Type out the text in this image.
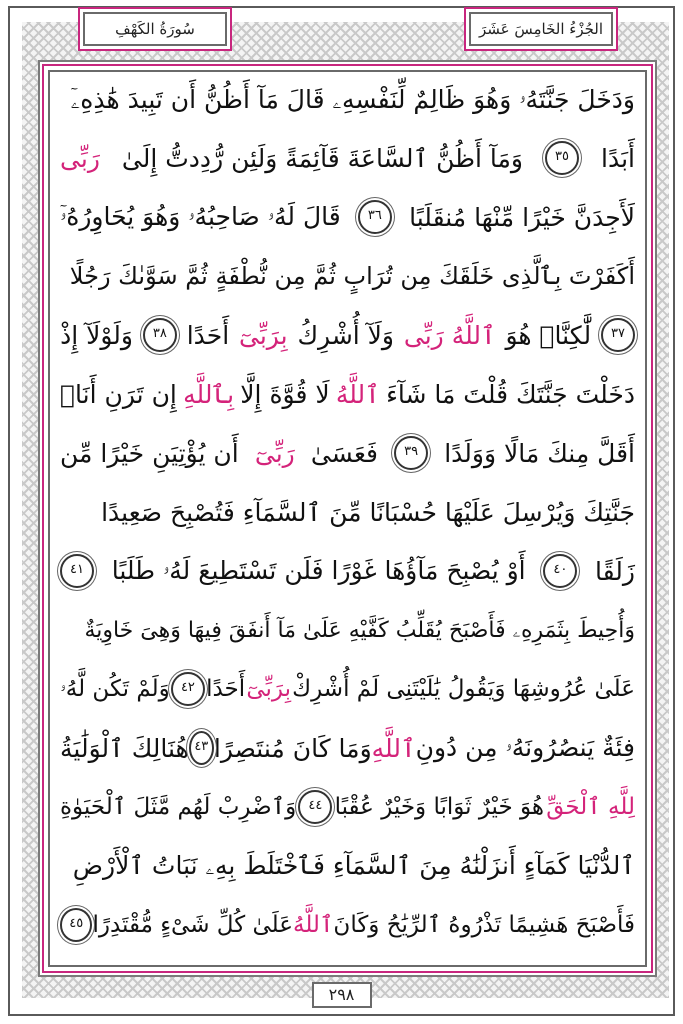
سُورَةُ الكَهْفِ	الجُزْءُ الخَامِسَ عَشَرَ
وَدَخَلَ جَنَّتَهُۥ وَهُوَ ظَالِمٌ لِّنَفْسِهِۦ قَالَ مَآ أَظُنُّ أَن تَبِيدَ هَٰذِهِۦٓ
أَبَدًا
٣٥
وَمَآ أَظُنُّ ٱلسَّاعَةَ قَآئِمَةً وَلَئِن رُّدِدتُّ إِلَىٰ
رَبِّى
لَأَجِدَنَّ خَيْرًا مِّنْهَا مُنقَلَبًا
٣٦
قَالَ لَهُۥ صَاحِبُهُۥ وَهُوَ يُحَاوِرُهُۥٓ
أَكَفَرْتَ بِٱلَّذِى خَلَقَكَ مِن تُرَابٍ ثُمَّ مِن نُّطْفَةٍ ثُمَّ سَوَّىٰكَ رَجُلًا
٣٧
لَّٰكِنَّا۠ هُوَ
ٱللَّهُ رَبِّى
وَلَآ أُشْرِكُ
بِرَبِّىٓ
أَحَدًا
٣٨
وَلَوْلَآ إِذْ
دَخَلْتَ جَنَّتَكَ قُلْتَ مَا شَآءَ
ٱللَّهُ
لَا قُوَّةَ إِلَّا
بِٱللَّهِ
إِن تَرَنِ أَنَا۠
أَقَلَّ مِنكَ مَالًا وَوَلَدًا
٣٩
فَعَسَىٰ
رَبِّىٓ
أَن يُؤْتِيَنِ خَيْرًا مِّن
جَنَّتِكَ وَيُرْسِلَ عَلَيْهَا حُسْبَانًا مِّنَ ٱلسَّمَآءِ فَتُصْبِحَ صَعِيدًا
زَلَقًا
٤٠
أَوْ يُصْبِحَ مَآؤُهَا غَوْرًا فَلَن تَسْتَطِيعَ لَهُۥ طَلَبًا
٤١
وَأُحِيطَ بِثَمَرِهِۦ فَأَصْبَحَ يُقَلِّبُ كَفَّيْهِ عَلَىٰ مَآ أَنفَقَ فِيهَا وَهِىَ خَاوِيَةٌ
عَلَىٰ عُرُوشِهَا وَيَقُولُ يَٰلَيْتَنِى لَمْ أُشْرِكْ
بِرَبِّىٓ
أَحَدًا
٤٢
وَلَمْ تَكُن لَّهُۥ
فِئَةٌ يَنصُرُونَهُۥ مِن دُونِ
ٱللَّهِ
وَمَا كَانَ مُنتَصِرًا
٤٣
هُنَالِكَ ٱلْوَلَٰيَةُ
لِلَّهِ ٱلْحَقِّ
هُوَ خَيْرٌ ثَوَابًا وَخَيْرٌ عُقْبًا
٤٤
وَٱضْرِبْ لَهُم مَّثَلَ ٱلْحَيَوٰةِ
ٱلدُّنْيَا كَمَآءٍ أَنزَلْنَٰهُ مِنَ ٱلسَّمَآءِ فَٱخْتَلَطَ بِهِۦ نَبَاتُ ٱلْأَرْضِ
فَأَصْبَحَ هَشِيمًا تَذْرُوهُ ٱلرِّيَٰحُ وَكَانَ
ٱللَّهُ
عَلَىٰ كُلِّ شَىْءٍ مُّقْتَدِرًا
٤٥
٢٩٨
